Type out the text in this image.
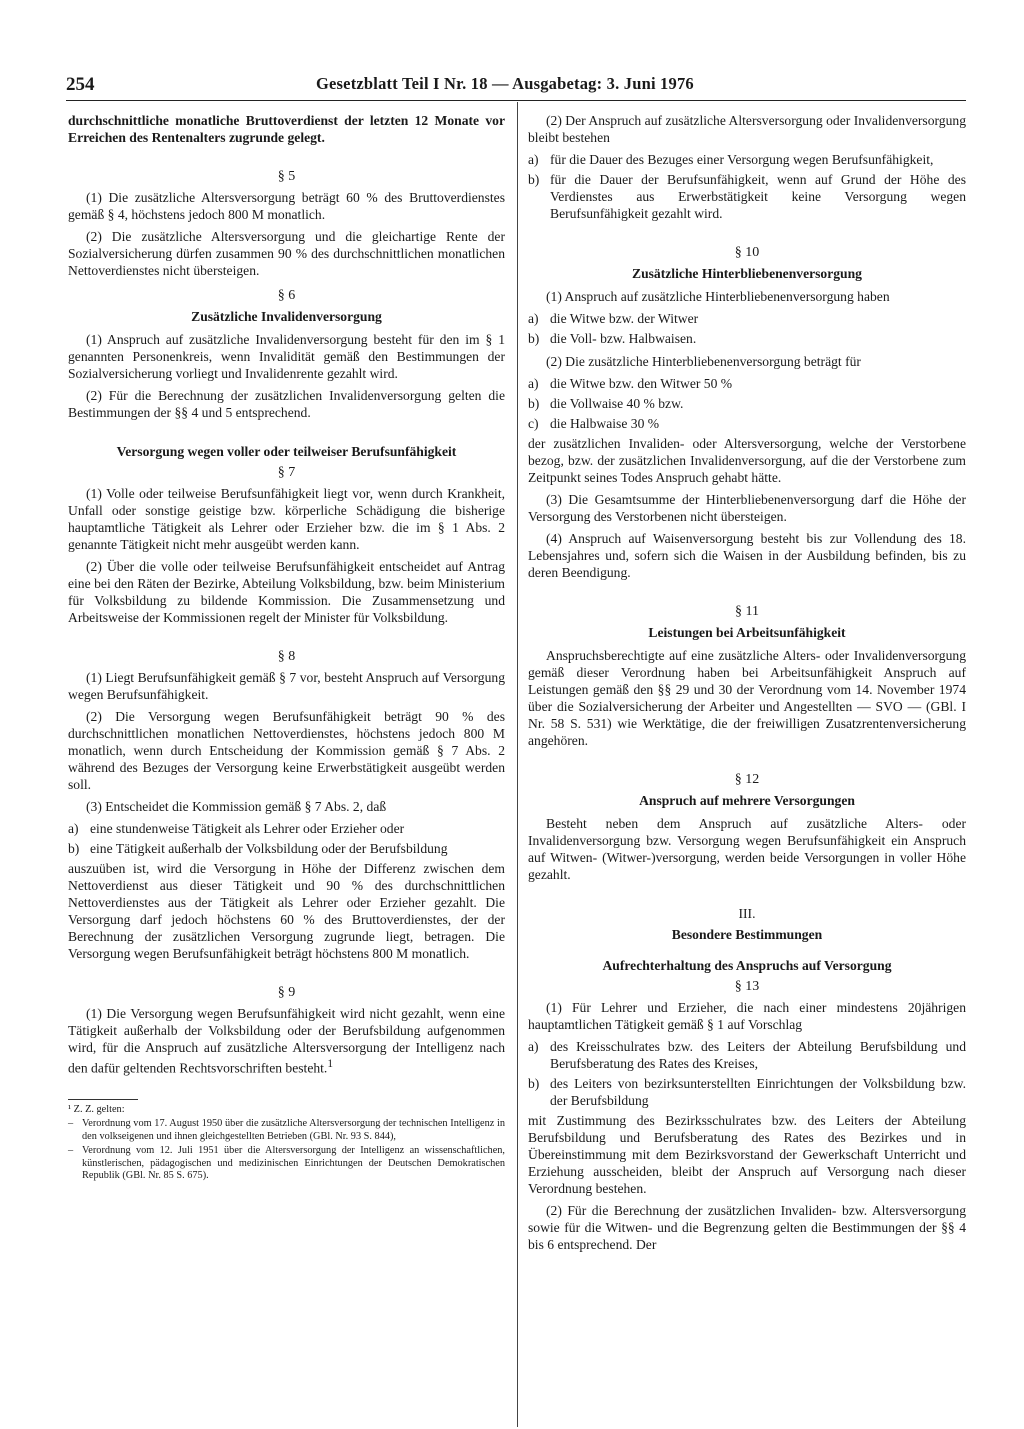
254	Gesetzblatt Teil I Nr. 18 — Ausgabetag: 3. Juni 1976

durchschnittliche monatliche Bruttoverdienst der letzten 12 Monate vor Erreichen des Rentenalters zugrunde gelegt.

§ 5

(1) Die zusätzliche Altersversorgung beträgt 60 % des Bruttoverdienstes gemäß § 4, höchstens jedoch 800 M monatlich.

(2) Die zusätzliche Altersversorgung und die gleichartige Rente der Sozialversicherung dürfen zusammen 90 % des durchschnittlichen monatlichen Nettoverdienstes nicht übersteigen.

§ 6
Zusätzliche Invalidenversorgung

(1) Anspruch auf zusätzliche Invalidenversorgung besteht für den im § 1 genannten Personenkreis, wenn Invalidität gemäß den Bestimmungen der Sozialversicherung vorliegt und Invalidenrente gezahlt wird.

(2) Für die Berechnung der zusätzlichen Invalidenversorgung gelten die Bestimmungen der §§ 4 und 5 entsprechend.

Versorgung wegen voller oder teilweiser Berufsunfähigkeit
§ 7

(1) Volle oder teilweise Berufsunfähigkeit liegt vor, wenn durch Krankheit, Unfall oder sonstige geistige bzw. körperliche Schädigung die bisherige hauptamtliche Tätigkeit als Lehrer oder Erzieher bzw. die im § 1 Abs. 2 genannte Tätigkeit nicht mehr ausgeübt werden kann.

(2) Über die volle oder teilweise Berufsunfähigkeit entscheidet auf Antrag eine bei den Räten der Bezirke, Abteilung Volksbildung, bzw. beim Ministerium für Volksbildung zu bildende Kommission. Die Zusammensetzung und Arbeitsweise der Kommissionen regelt der Minister für Volksbildung.

§ 8

(1) Liegt Berufsunfähigkeit gemäß § 7 vor, besteht Anspruch auf Versorgung wegen Berufsunfähigkeit.

(2) Die Versorgung wegen Berufsunfähigkeit beträgt 90 % des durchschnittlichen monatlichen Nettoverdienstes, höchstens jedoch 800 M monatlich, wenn durch Entscheidung der Kommission gemäß § 7 Abs. 2 während des Bezuges der Versorgung keine Erwerbstätigkeit ausgeübt werden soll.

(3) Entscheidet die Kommission gemäß § 7 Abs. 2, daß

a) eine stundenweise Tätigkeit als Lehrer oder Erzieher oder
b) eine Tätigkeit außerhalb der Volksbildung oder der Berufsbildung

auszuüben ist, wird die Versorgung in Höhe der Differenz zwischen dem Nettoverdienst aus dieser Tätigkeit und 90 % des durchschnittlichen Nettoverdienstes aus der Tätigkeit als Lehrer oder Erzieher gezahlt. Die Versorgung darf jedoch höchstens 60 % des Bruttoverdienstes, der der Berechnung der zusätzlichen Versorgung zugrunde liegt, betragen. Die Versorgung wegen Berufsunfähigkeit beträgt höchstens 800 M monatlich.

§ 9

(1) Die Versorgung wegen Berufsunfähigkeit wird nicht gezahlt, wenn eine Tätigkeit außerhalb der Volksbildung oder der Berufsbildung aufgenommen wird, für die Anspruch auf zusätzliche Altersversorgung der Intelligenz nach den dafür geltenden Rechtsvorschriften besteht.$^1$

¹ Z. Z. gelten:

– Verordnung vom 17. August 1950 über die zusätzliche Altersversorgung der technischen Intelligenz in den volkseigenen und ihnen gleichgestellten Betrieben (GBl. Nr. 93 S. 844),
– Verordnung vom 12. Juli 1951 über die Altersversorgung der Intelligenz an wissenschaftlichen, künstlerischen, pädagogischen und medizinischen Einrichtungen der Deutschen Demokratischen Republik (GBl. Nr. 85 S. 675).

(2) Der Anspruch auf zusätzliche Altersversorgung oder Invalidenversorgung bleibt bestehen

a) für die Dauer des Bezuges einer Versorgung wegen Berufsunfähigkeit,
b) für die Dauer der Berufsunfähigkeit, wenn auf Grund der Höhe des Verdienstes aus Erwerbstätigkeit keine Versorgung wegen Berufsunfähigkeit gezahlt wird.
§ 10
Zusätzliche Hinterbliebenenversorgung

(1) Anspruch auf zusätzliche Hinterbliebenenversorgung haben

a) die Witwe bzw. der Witwer
b) die Voll- bzw. Halbwaisen.

(2) Die zusätzliche Hinterbliebenenversorgung beträgt für

a) die Witwe bzw. den Witwer 50 %
b) die Vollwaise 40 % bzw.
c) die Halbwaise 30 %

der zusätzlichen Invaliden- oder Altersversorgung, welche der Verstorbene bezog, bzw. der zusätzlichen Invalidenversorgung, auf die der Verstorbene zum Zeitpunkt seines Todes Anspruch gehabt hätte.

(3) Die Gesamtsumme der Hinterbliebenenversorgung darf die Höhe der Versorgung des Verstorbenen nicht übersteigen.

(4) Anspruch auf Waisenversorgung besteht bis zur Vollendung des 18. Lebensjahres und, sofern sich die Waisen in der Ausbildung befinden, bis zu deren Beendigung.

§ 11
Leistungen bei Arbeitsunfähigkeit

Anspruchsberechtigte auf eine zusätzliche Alters- oder Invalidenversorgung gemäß dieser Verordnung haben bei Arbeitsunfähigkeit Anspruch auf Leistungen gemäß den §§ 29 und 30 der Verordnung vom 14. November 1974 über die Sozialversicherung der Arbeiter und Angestellten — SVO — (GBl. I Nr. 58 S. 531) wie Werktätige, die der freiwilligen Zusatzrentenversicherung angehören.

§ 12
Anspruch auf mehrere Versorgungen

Besteht neben dem Anspruch auf zusätzliche Alters- oder Invalidenversorgung bzw. Versorgung wegen Berufsunfähigkeit ein Anspruch auf Witwen- (Witwer-)versorgung, werden beide Versorgungen in voller Höhe gezahlt.

III.
Besondere Bestimmungen
Aufrechterhaltung des Anspruchs auf Versorgung
§ 13

(1) Für Lehrer und Erzieher, die nach einer mindestens 20jährigen hauptamtlichen Tätigkeit gemäß § 1 auf Vorschlag

a) des Kreisschulrates bzw. des Leiters der Abteilung Berufsbildung und Berufsberatung des Rates des Kreises,
b) des Leiters von bezirksunterstellten Einrichtungen der Volksbildung bzw. der Berufsbildung

mit Zustimmung des Bezirksschulrates bzw. des Leiters der Abteilung Berufsbildung und Berufsberatung des Rates des Bezirkes und in Übereinstimmung mit dem Bezirksvorstand der Gewerkschaft Unterricht und Erziehung ausscheiden, bleibt der Anspruch auf Versorgung nach dieser Verordnung bestehen.

(2) Für die Berechnung der zusätzlichen Invaliden- bzw. Altersversorgung sowie für die Witwen- und die Begrenzung gelten die Bestimmungen der §§ 4 bis 6 entsprechend. Der
